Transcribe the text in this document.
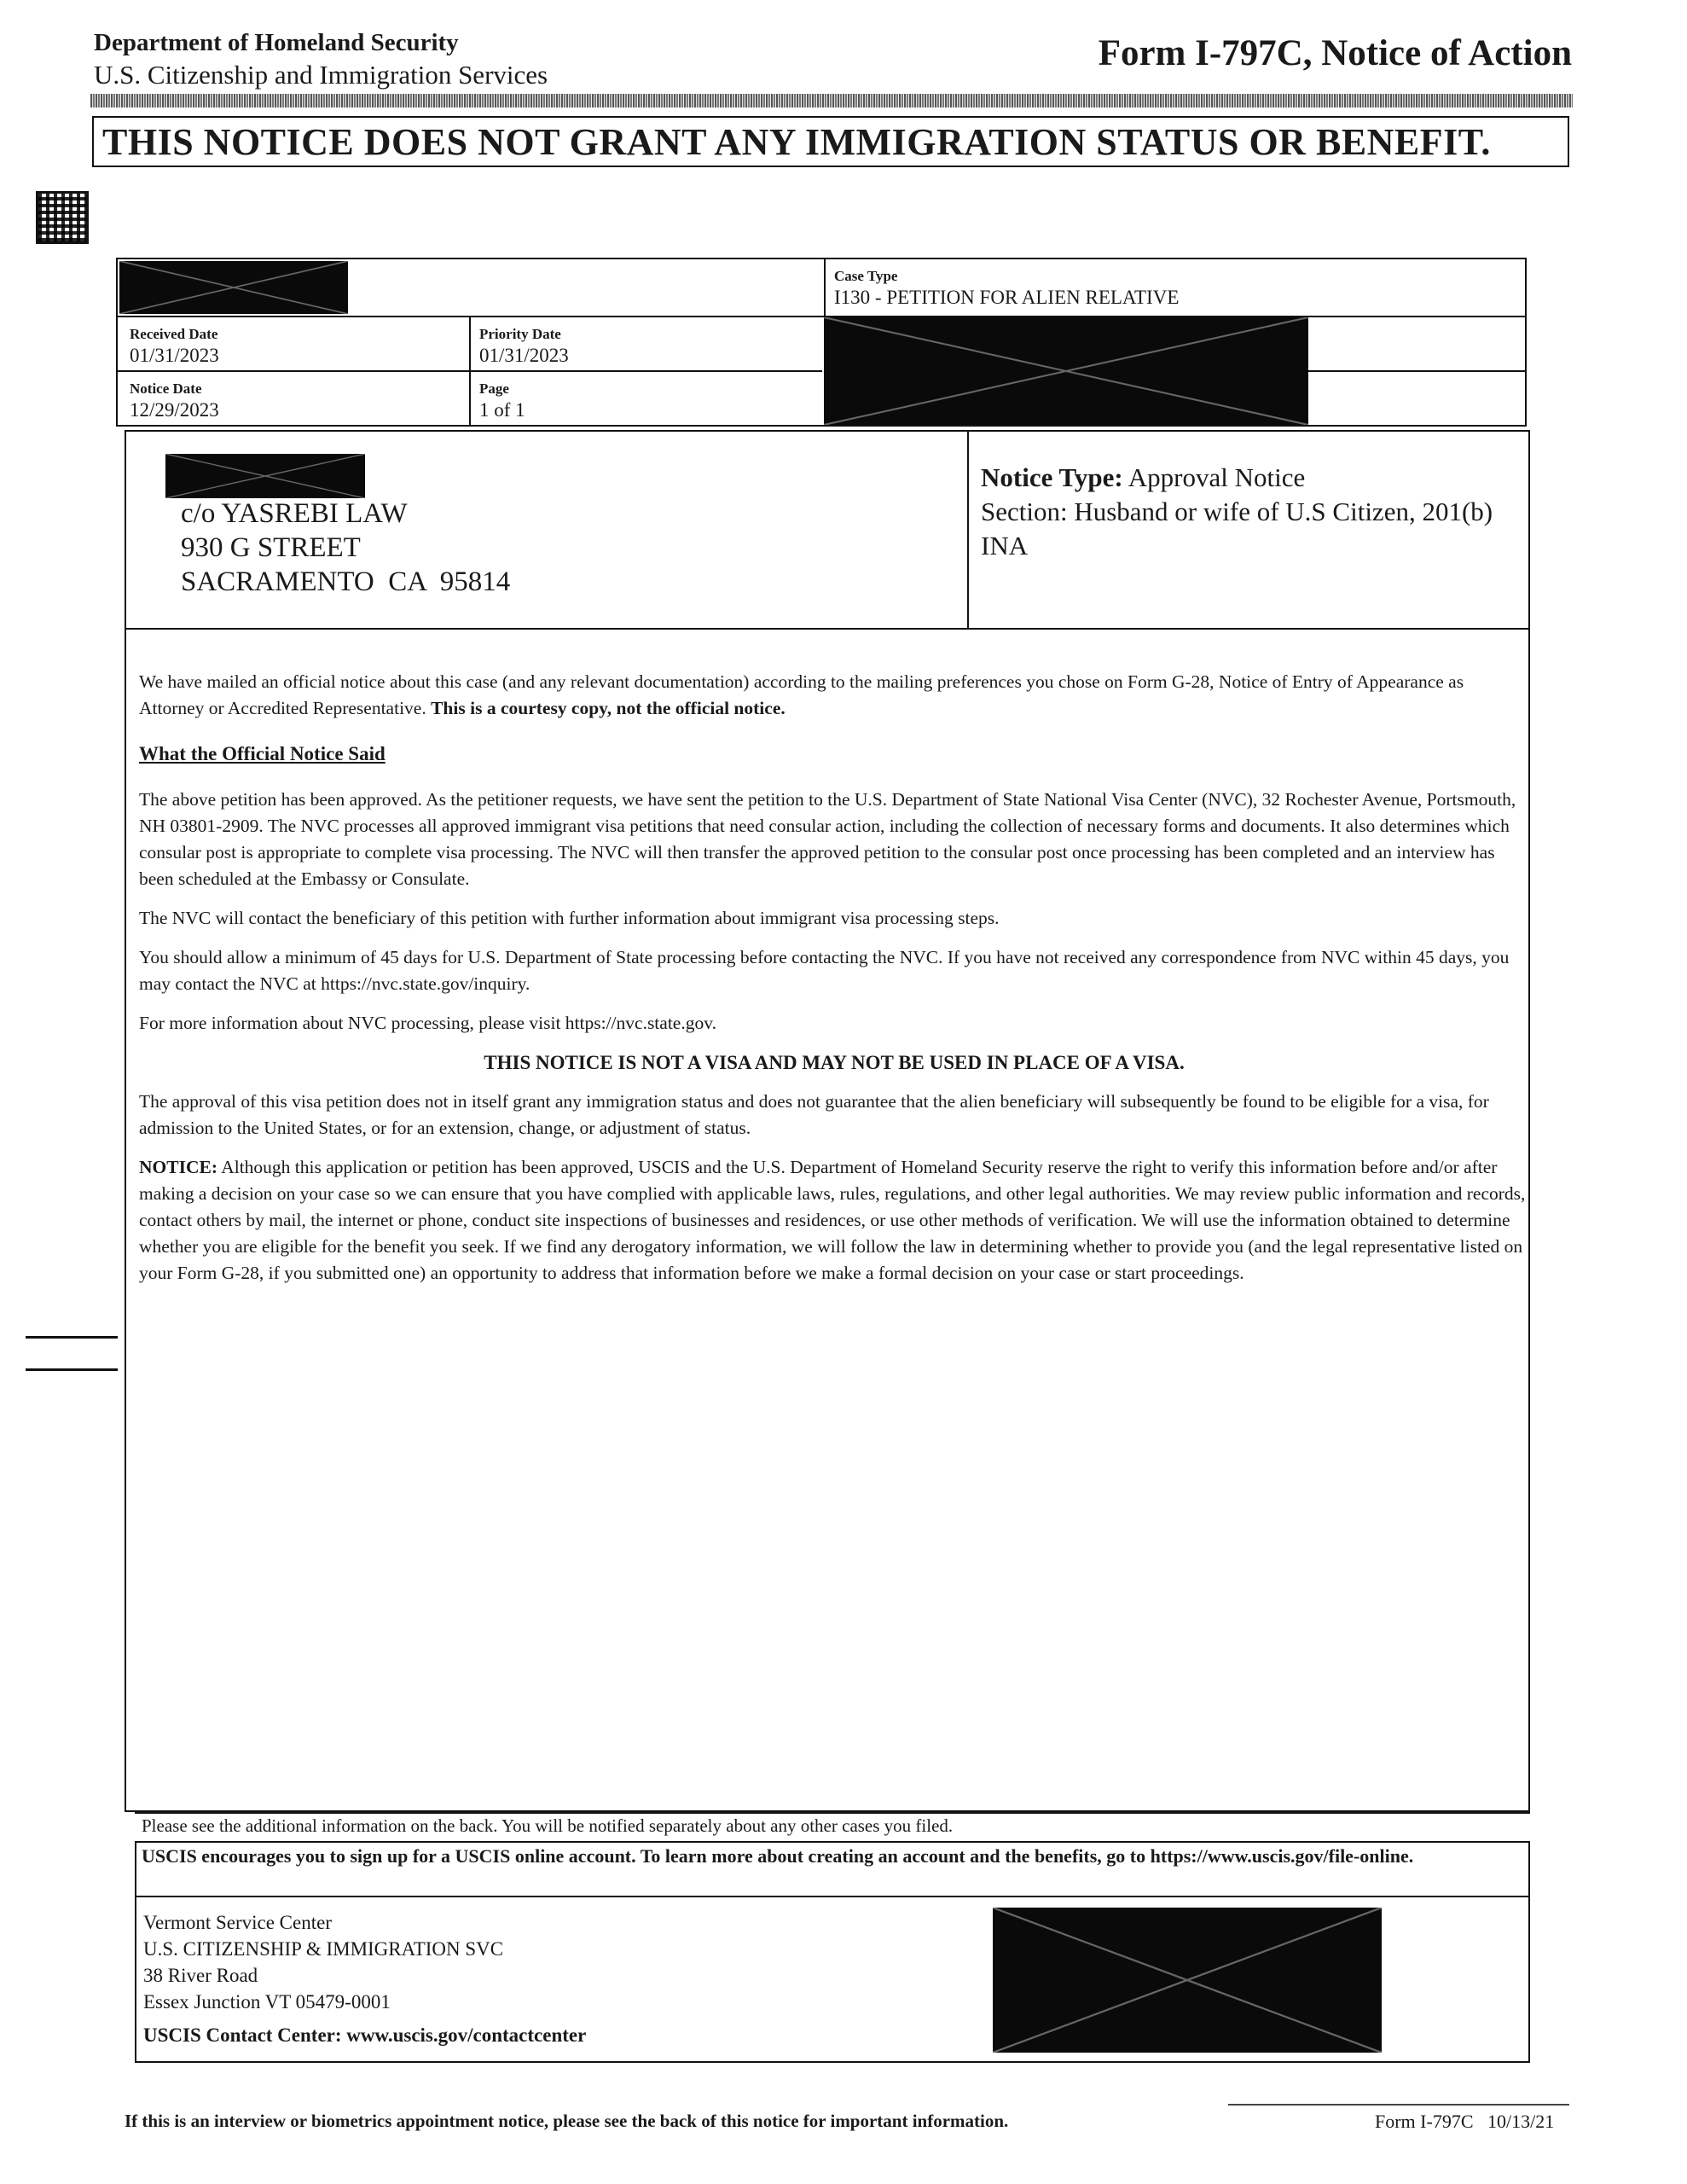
Department of Homeland Security
U.S. Citizenship and Immigration Services
Form I-797C, Notice of Action
THIS NOTICE DOES NOT GRANT ANY IMMIGRATION STATUS OR BENEFIT.
Case Type
I130 - PETITION FOR ALIEN RELATIVE
Received Date
01/31/2023
Priority Date
01/31/2023
Notice Date
12/29/2023
Page
1 of 1
c/o YASREBI LAW
930 G STREET
SACRAMENTO  CA  95814
Notice Type: Approval Notice
Section: Husband or wife of U.S Citizen, 201(b)
INA

We have mailed an official notice about this case (and any relevant documentation) according to the mailing preferences you chose on Form G-28, Notice of Entry of Appearance as Attorney or Accredited Representative. This is a courtesy copy, not the official notice.

What the Official Notice Said

The above petition has been approved. As the petitioner requests, we have sent the petition to the U.S. Department of State National Visa Center (NVC), 32 Rochester Avenue, Portsmouth, NH 03801-2909. The NVC processes all approved immigrant visa petitions that need consular action, including the collection of necessary forms and documents. It also determines which consular post is appropriate to complete visa processing. The NVC will then transfer the approved petition to the consular post once processing has been completed and an interview has been scheduled at the Embassy or Consulate.

The NVC will contact the beneficiary of this petition with further information about immigrant visa processing steps.

You should allow a minimum of 45 days for U.S. Department of State processing before contacting the NVC. If you have not received any correspondence from NVC within 45 days, you may contact the NVC at https://nvc.state.gov/inquiry.

For more information about NVC processing, please visit https://nvc.state.gov.

THIS NOTICE IS NOT A VISA AND MAY NOT BE USED IN PLACE OF A VISA.

The approval of this visa petition does not in itself grant any immigration status and does not guarantee that the alien beneficiary will subsequently be found to be eligible for a visa, for admission to the United States, or for an extension, change, or adjustment of status.

NOTICE: Although this application or petition has been approved, USCIS and the U.S. Department of Homeland Security reserve the right to verify this information before and/or after making a decision on your case so we can ensure that you have complied with applicable laws, rules, regulations, and other legal authorities. We may review public information and records, contact others by mail, the internet or phone, conduct site inspections of businesses and residences, or use other methods of verification. We will use the information obtained to determine whether you are eligible for the benefit you seek. If we find any derogatory information, we will follow the law in determining whether to provide you (and the legal representative listed on your Form G-28, if you submitted one) an opportunity to address that information before we make a formal decision on your case or start proceedings.

Please see the additional information on the back. You will be notified separately about any other cases you filed.
USCIS encourages you to sign up for a USCIS online account. To learn more about creating an account and the benefits, go to https://www.uscis.gov/file-online.
Vermont Service Center
U.S. CITIZENSHIP & IMMIGRATION SVC
38 River Road
Essex Junction VT 05479-0001
USCIS Contact Center: www.uscis.gov/contactcenter
If this is an interview or biometrics appointment notice, please see the back of this notice for important information.	Form I-797C   10/13/21
